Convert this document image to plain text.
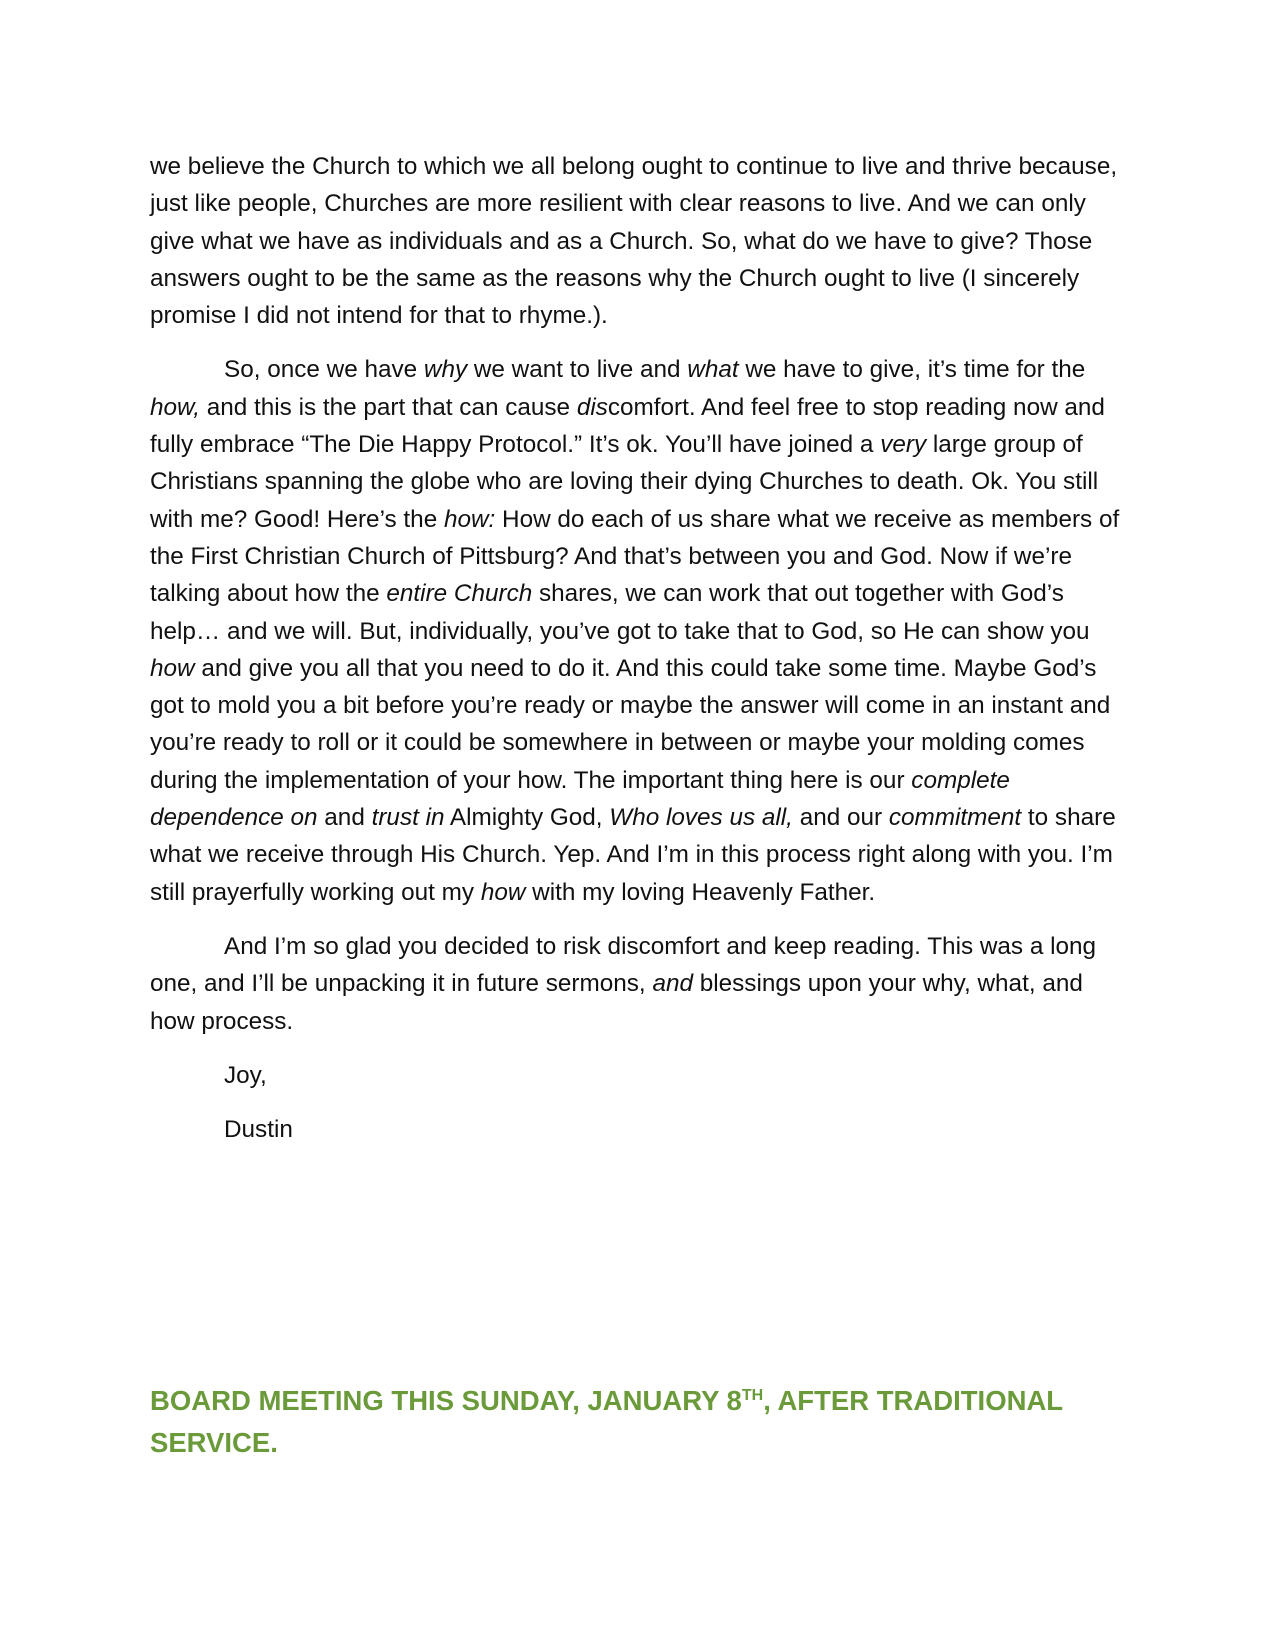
we believe the Church to which we all belong ought to continue to live and thrive because, just like people, Churches are more resilient with clear reasons to live. And we can only give what we have as individuals and as a Church. So, what do we have to give? Those answers ought to be the same as the reasons why the Church ought to live (I sincerely promise I did not intend for that to rhyme.).

So, once we have why we want to live and what we have to give, it’s time for the how, and this is the part that can cause discomfort. And feel free to stop reading now and fully embrace “The Die Happy Protocol.” It’s ok. You’ll have joined a very large group of Christians spanning the globe who are loving their dying Churches to death. Ok. You still with me? Good! Here’s the how: How do each of us share what we receive as members of the First Christian Church of Pittsburg? And that’s between you and God. Now if we’re talking about how the entire Church shares, we can work that out together with God’s help… and we will. But, individually, you’ve got to take that to God, so He can show you how and give you all that you need to do it. And this could take some time. Maybe God’s got to mold you a bit before you’re ready or maybe the answer will come in an instant and you’re ready to roll or it could be somewhere in between or maybe your molding comes during the implementation of your how. The important thing here is our complete dependence on and trust in Almighty God, Who loves us all, and our commitment to share what we receive through His Church. Yep. And I’m in this process right along with you. I’m still prayerfully working out my how with my loving Heavenly Father.

And I’m so glad you decided to risk discomfort and keep reading. This was a long one, and I’ll be unpacking it in future sermons, and blessings upon your why, what, and how process.

Joy,

Dustin

BOARD MEETING THIS SUNDAY, JANUARY 8TH, AFTER TRADITIONAL SERVICE.
